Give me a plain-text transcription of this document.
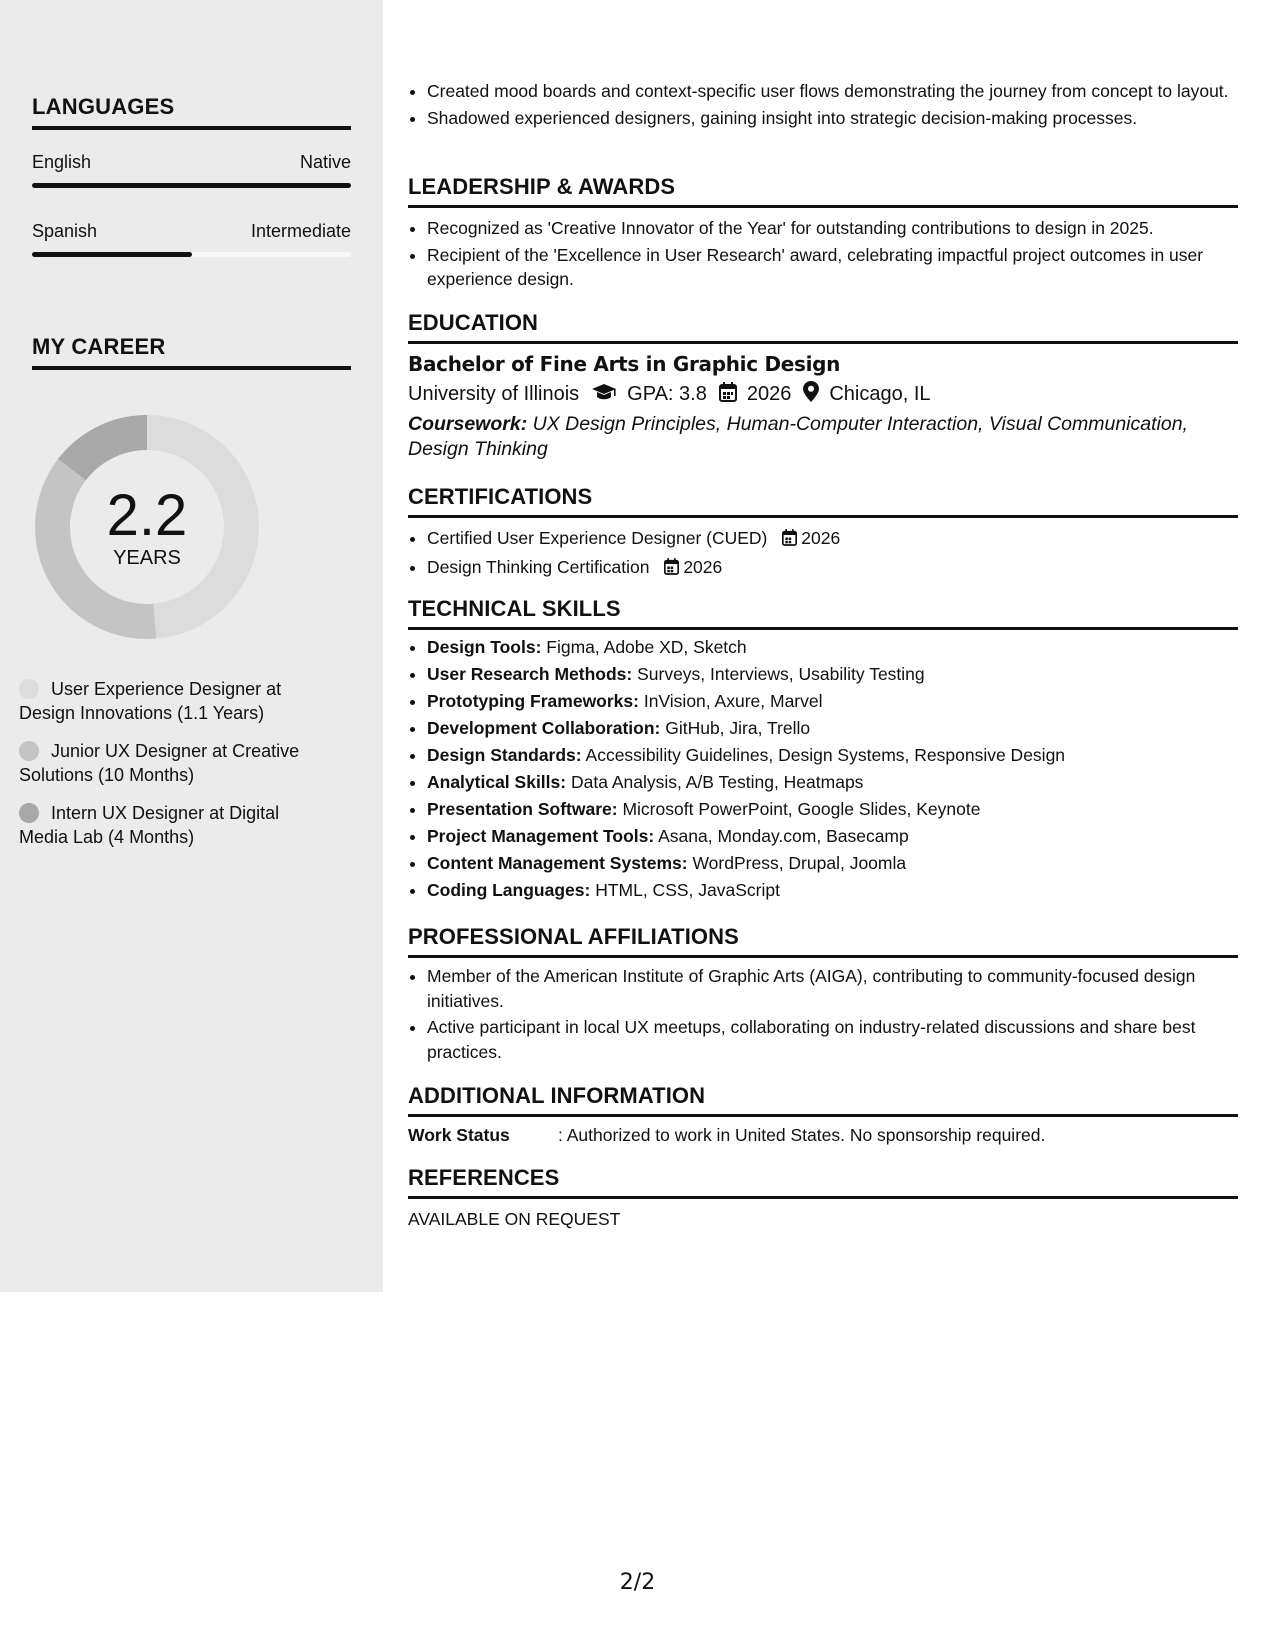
LANGUAGES
English	Native
Spanish	Intermediate
MY CAREER
2.2
YEARS
User Experience Designer at Design Innovations (1.1 Years)
Junior UX Designer at Creative Solutions (10 Months)
Intern UX Designer at Digital Media Lab (4 Months)
• Created mood boards and context-specific user flows demonstrating the journey from concept to layout.
• Shadowed experienced designers, gaining insight into strategic decision-making processes.
LEADERSHIP & AWARDS
• Recognized as 'Creative Innovator of the Year' for outstanding contributions to design in 2025.
• Recipient of the 'Excellence in User Research' award, celebrating impactful project outcomes in user experience design.
EDUCATION
Bachelor of Fine Arts in Graphic Design
University of Illinois GPA: 3.8 2026 Chicago, IL
Coursework: UX Design Principles, Human-Computer Interaction, Visual Communication, Design Thinking
CERTIFICATIONS
• Certified User Experience Designer (CUED) 2026
• Design Thinking Certification 2026
TECHNICAL SKILLS
• Design Tools: Figma, Adobe XD, Sketch
• User Research Methods: Surveys, Interviews, Usability Testing
• Prototyping Frameworks: InVision, Axure, Marvel
• Development Collaboration: GitHub, Jira, Trello
• Design Standards: Accessibility Guidelines, Design Systems, Responsive Design
• Analytical Skills: Data Analysis, A/B Testing, Heatmaps
• Presentation Software: Microsoft PowerPoint, Google Slides, Keynote
• Project Management Tools: Asana, Monday.com, Basecamp
• Content Management Systems: WordPress, Drupal, Joomla
• Coding Languages: HTML, CSS, JavaScript
PROFESSIONAL AFFILIATIONS
• Member of the American Institute of Graphic Arts (AIGA), contributing to community-focused design initiatives.
• Active participant in local UX meetups, collaborating on industry-related discussions and share best practices.
ADDITIONAL INFORMATION
Work Status	: Authorized to work in United States. No sponsorship required.
REFERENCES
AVAILABLE ON REQUEST
2/2
